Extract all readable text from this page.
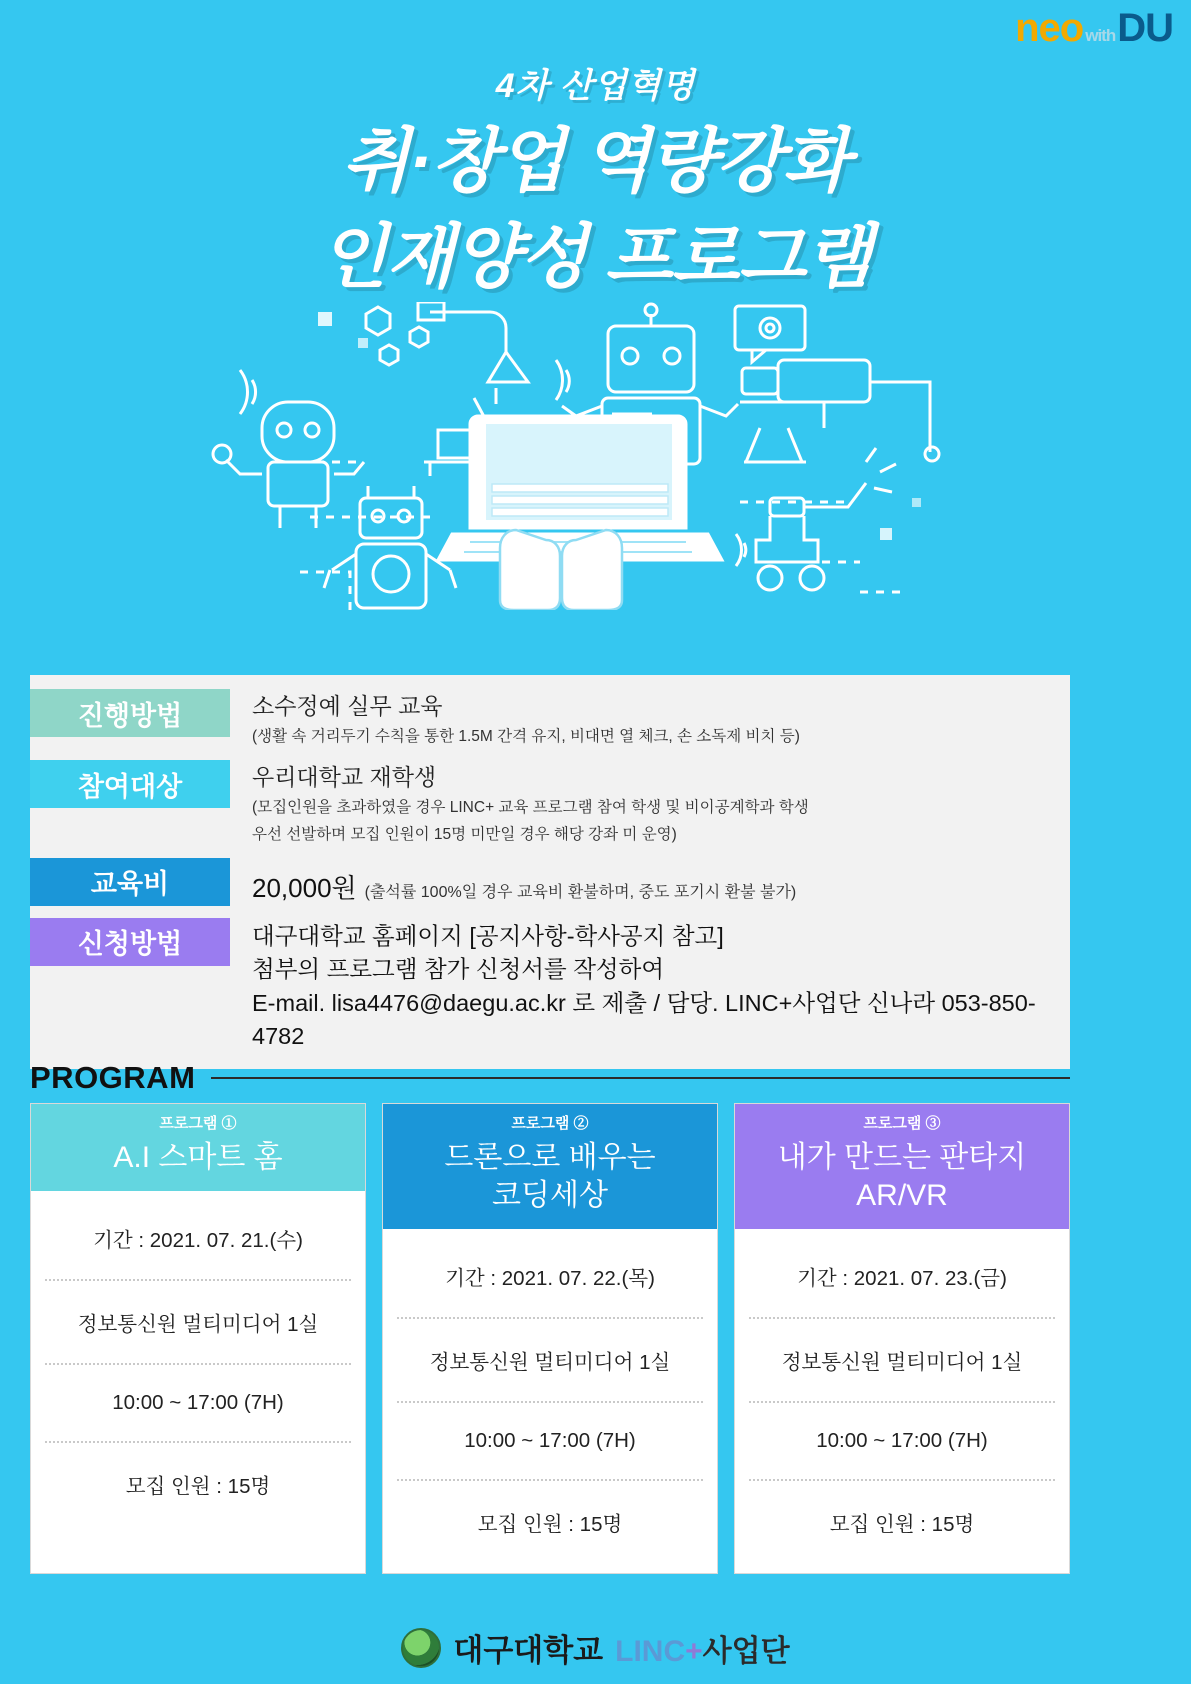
neo with DU
4차 산업혁명
취·창업 역량강화
인재양성 프로그램
진행방법	소수정예 실무 교육
(생활 속 거리두기 수칙을 통한 1.5M 간격 유지, 비대면 열 체크, 손 소독제 비치 등)
참여대상	우리대학교 재학생
(모집인원을 초과하였을 경우 LINC+ 교육 프로그램 참여 학생 및 비이공계학과 학생
우선 선발하며 모집 인원이 15명 미만일 경우 해당 강좌 미 운영)
교육비	20,000원 (출석률 100%일 경우 교육비 환불하며, 중도 포기시 환불 불가)
신청방법	대구대학교 홈페이지 [공지사항-학사공지 참고]
첨부의 프로그램 참가 신청서를 작성하여
E-mail. lisa4476@daegu.ac.kr 로 제출 / 담당. LINC+사업단 신나라 053-850-4782
PROGRAM
프로그램 ①
A.I 스마트 홈
기간 : 2021. 07. 21.(수)
정보통신원 멀티미디어 1실
10:00 ~ 17:00 (7H)
모집 인원 : 15명
프로그램 ②
드론으로 배우는
코딩세상
기간 : 2021. 07. 22.(목)
정보통신원 멀티미디어 1실
10:00 ~ 17:00 (7H)
모집 인원 : 15명
프로그램 ③
내가 만드는 판타지
AR/VR
기간 : 2021. 07. 23.(금)
정보통신원 멀티미디어 1실
10:00 ~ 17:00 (7H)
모집 인원 : 15명
대구대학교 LINC+사업단
